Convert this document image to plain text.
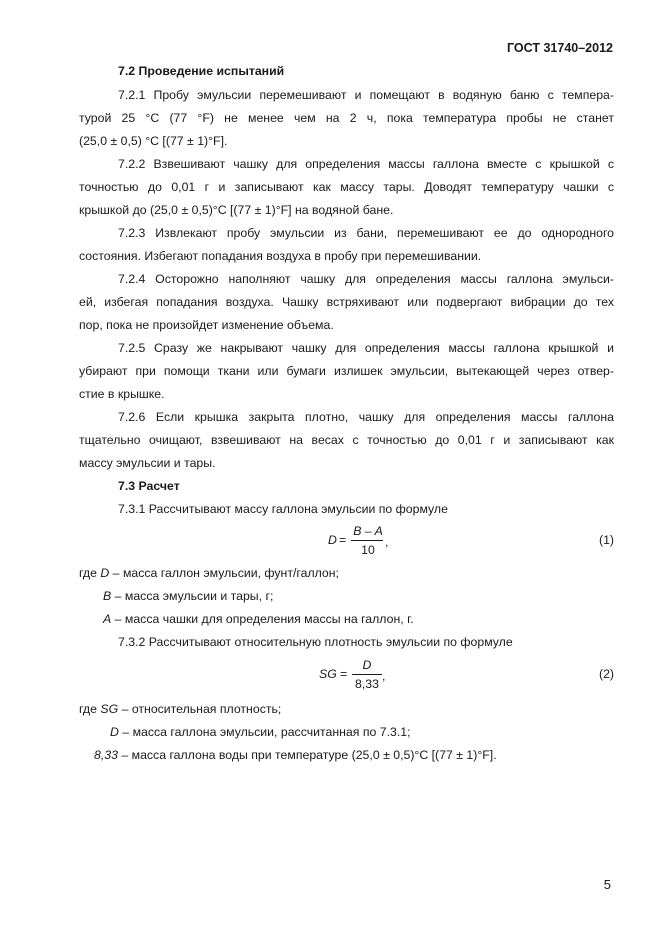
ГОСТ 31740–2012
7.2 Проведение испытаний
7.2.1 Пробу эмульсии перемешивают и помещают в водяную баню с темпера-
турой 25 °С (77 °F) не менее чем на 2 ч, пока температура пробы не станет
(25,0 ± 0,5) °С [(77 ± 1)°F].
7.2.2 Взвешивают чашку для определения массы галлона вместе с крышкой с
точностью до 0,01 г и записывают как массу тары. Доводят температуру чашки с
крышкой до (25,0 ± 0,5)°С [(77 ± 1)°F] на водяной бане.
7.2.3 Извлекают пробу эмульсии из бани, перемешивают ее до однородного
состояния. Избегают попадания воздуха в пробу при перемешивании.
7.2.4 Осторожно наполняют чашку для определения массы галлона эмульси-
ей, избегая попадания воздуха. Чашку встряхивают или подвергают вибрации до тех
пор, пока не произойдет изменение объема.
7.2.5 Сразу же накрывают чашку для определения массы галлона крышкой и
убирают при помощи ткани или бумаги излишек эмульсии, вытекающей через отвер-
стие в крышке.
7.2.6 Если крышка закрыта плотно, чашку для определения массы галлона
тщательно очищают, взвешивают на весах с точностью до 0,01 г и записывают как
массу эмульсии и тары.
7.3 Расчет
7.3.1 Рассчитывают массу галлона эмульсии по формуле
D =
B – A
10
,	(1)
где D – масса галлон эмульсии, фунт/галлон;
В – масса эмульсии и тары, г;
А – масса чашки для определения массы на галлон, г.
7.3.2 Рассчитывают относительную плотность эмульсии по формуле
SG =
D
8,33
,	(2)
где SG – относительная плотность;
D – масса галлона эмульсии, рассчитанная по 7.3.1;
8,33 – масса галлона воды при температуре (25,0 ± 0,5)°С [(77 ± 1)°F].
5
